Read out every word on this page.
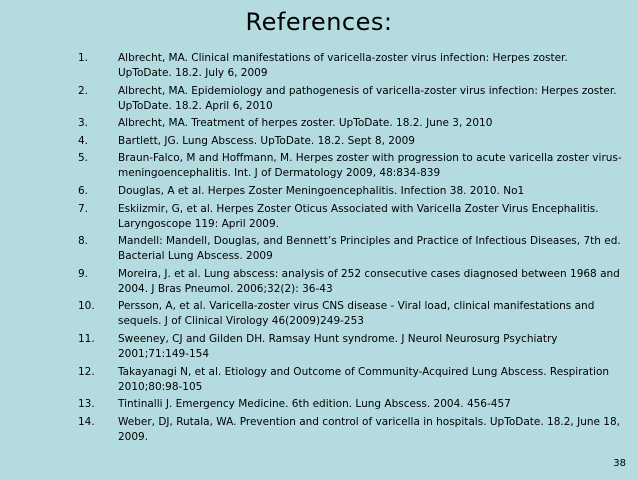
References:
1.	Albrecht, MA. Clinical manifestations of varicella-zoster virus infection: Herpes zoster. UpToDate. 18.2. July 6, 2009
2.	Albrecht, MA. Epidemiology and pathogenesis of varicella-zoster virus infection: Herpes zoster. UpToDate. 18.2. April 6, 2010
3.	Albrecht, MA. Treatment of herpes zoster. UpToDate. 18.2. June 3, 2010
4.	Bartlett, JG. Lung Abscess. UpToDate. 18.2. Sept 8, 2009
5.	Braun-Falco, M and Hoffmann, M. Herpes zoster with progression to acute varicella zoster virus-meningoencephalitis. Int. J of Dermatology 2009, 48:834-839
6.	Douglas, A et al. Herpes Zoster Meningoencephalitis. Infection 38. 2010. No1
7.	Eskiizmir, G, et al. Herpes Zoster Oticus Associated with Varicella Zoster Virus Encephalitis. Laryngoscope 119: April 2009.
8.	Mandell: Mandell, Douglas, and Bennett’s Principles and Practice of Infectious Diseases, 7th ed. Bacterial Lung Abscess. 2009
9.	Moreira, J. et al. Lung abscess: analysis of 252 consecutive cases diagnosed between 1968 and 2004. J Bras Pneumol. 2006;32(2): 36-43
10. Persson, A, et al. Varicella-zoster virus CNS disease - Viral load, clinical manifestations and sequels. J of Clinical Virology 46(2009)249-253
11. Sweeney, CJ and Gilden DH. Ramsay Hunt syndrome. J Neurol Neurosurg Psychiatry 2001;71:149-154
12. Takayanagi N, et al. Etiology and Outcome of Community-Acquired Lung Abscess. Respiration 2010;80:98-105
13. Tintinalli J. Emergency Medicine. 6th edition. Lung Abscess. 2004. 456-457
14. Weber, DJ, Rutala, WA. Prevention and control of varicella in hospitals. UpToDate. 18.2, June 18, 2009.
38
